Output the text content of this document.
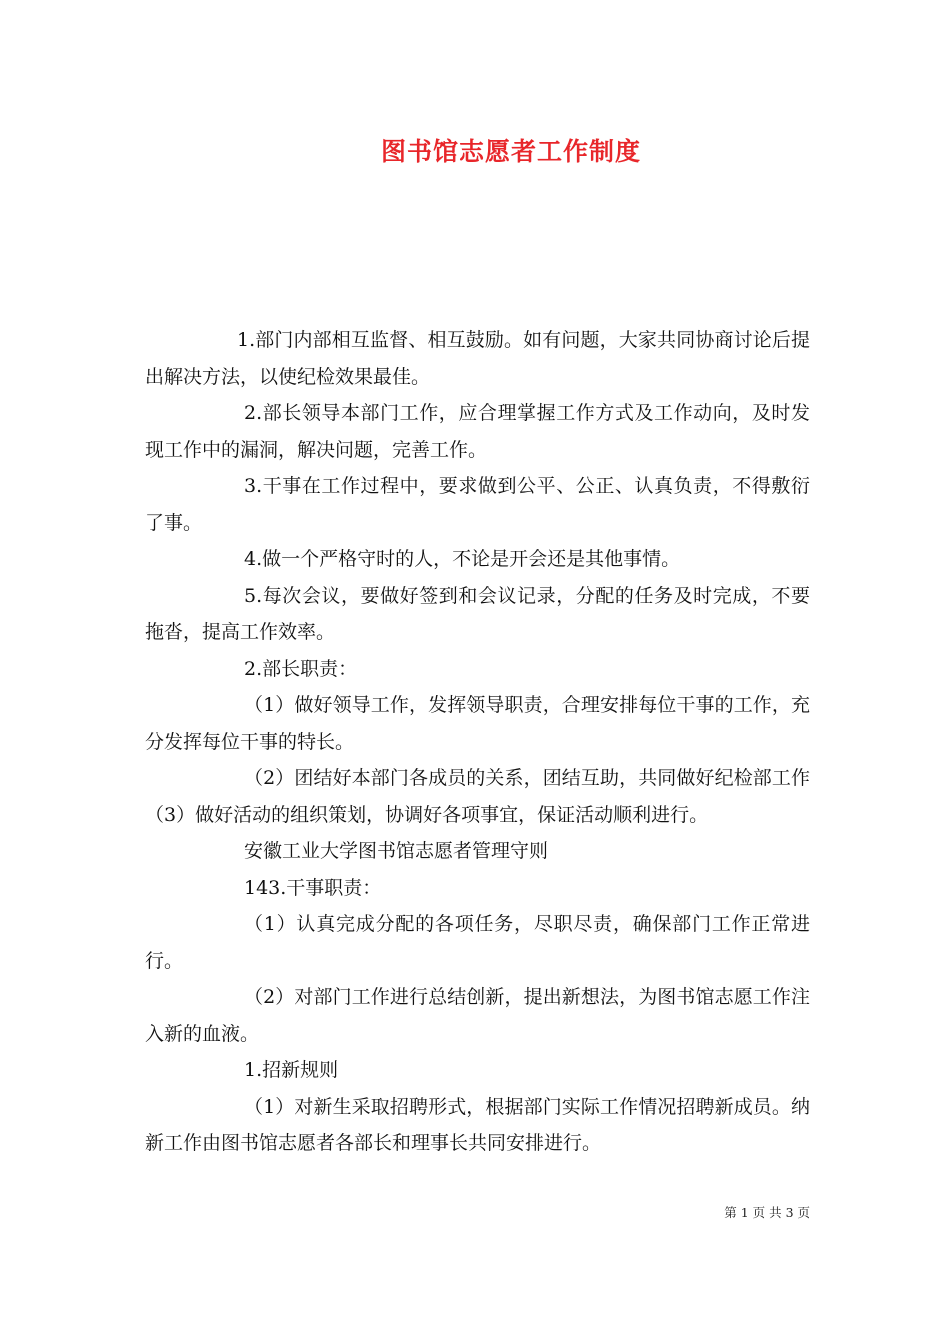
图书馆志愿者工作制度

1.部门内部相互监督、相互鼓励。如有问题，大家共同协商讨论后提出解决方法，以使纪检效果最佳。

2.部长领导本部门工作，应合理掌握工作方式及工作动向，及时发现工作中的漏洞，解决问题，完善工作。

3.干事在工作过程中，要求做到公平、公正、认真负责，不得敷衍了事。

4.做一个严格守时的人，不论是开会还是其他事情。

5.每次会议，要做好签到和会议记录，分配的任务及时完成，不要拖沓，提高工作效率。

2.部长职责：

（1）做好领导工作，发挥领导职责，合理安排每位干事的工作，充分发挥每位干事的特长。

（2）团结好本部门各成员的关系，团结互助，共同做好纪检部工作（3）做好活动的组织策划，协调好各项事宜，保证活动顺利进行。

安徽工业大学图书馆志愿者管理守则

143.干事职责：

（1）认真完成分配的各项任务，尽职尽责，确保部门工作正常进行。

（2）对部门工作进行总结创新，提出新想法，为图书馆志愿工作注入新的血液。

1.招新规则

（1）对新生采取招聘形式，根据部门实际工作情况招聘新成员。纳新工作由图书馆志愿者各部长和理事长共同安排进行。

第 1 页 共 3 页
